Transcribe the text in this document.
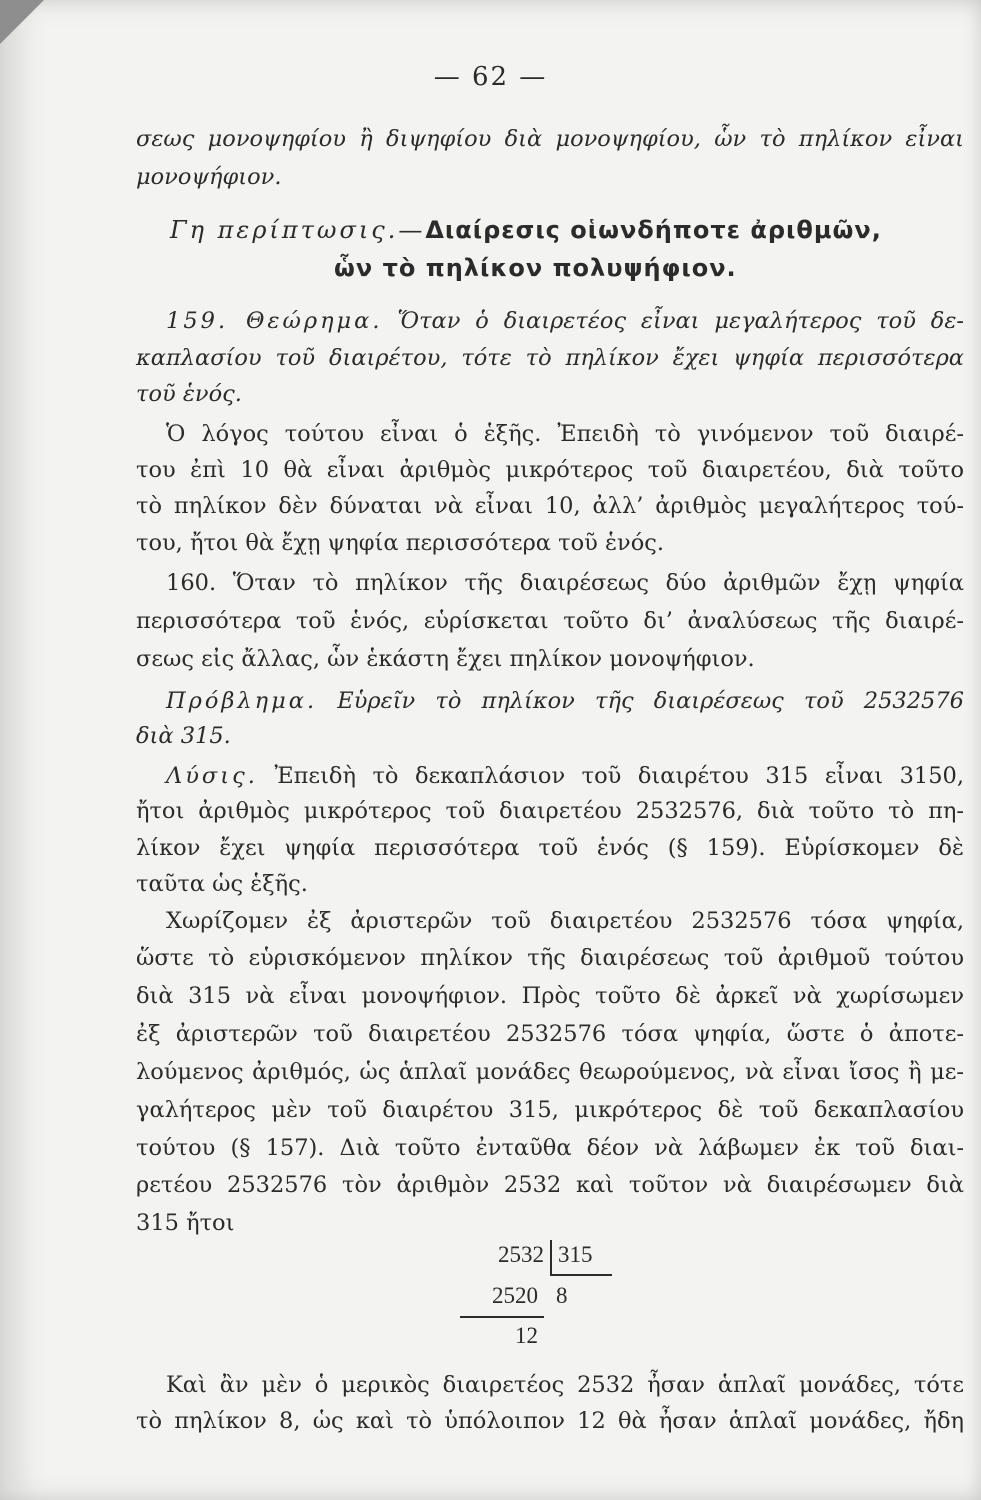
— 62 —
σεως μονοψηφίου ἢ διψηφίου διὰ μονοψηφίου, ὧν τὸ πηλίκον εἶναι
μονοψήφιον.
Γη περίπτωσις.—Διαίρεσις οἱωνδήποτε ἀριθμῶν,
ὧν τὸ πηλίκον πολυψήφιον.
159. Θεώρημα. Ὅταν ὁ διαιρετέος εἶναι μεγαλήτερος τοῦ δε-
καπλασίου τοῦ διαιρέτου, τότε τὸ πηλίκον ἔχει ψηφία περισσότερα
τοῦ ἑνός.
Ὁ λόγος τούτου εἶναι ὁ ἑξῆς. Ἐπειδὴ τὸ γινόμενον τοῦ διαιρέ-
του ἐπὶ 10 θὰ εἶναι ἀριθμὸς μικρότερος τοῦ διαιρετέου, διὰ τοῦτο
τὸ πηλίκον δὲν δύναται νὰ εἶναι 10, ἀλλ’ ἀριθμὸς μεγαλήτερος τού-
του, ἤτοι θὰ ἔχῃ ψηφία περισσότερα τοῦ ἑνός.
160. Ὅταν τὸ πηλίκον τῆς διαιρέσεως δύο ἀριθμῶν ἔχῃ ψηφία
περισσότερα τοῦ ἑνός, εὑρίσκεται τοῦτο δι’ ἀναλύσεως τῆς διαιρέ-
σεως εἰς ἄλλας, ὧν ἑκάστη ἔχει πηλίκον μονοψήφιον.
Πρόβλημα. Εὑρεῖν τὸ πηλίκον τῆς διαιρέσεως τοῦ 2532576
διὰ 315.
Λύσις. Ἐπειδὴ τὸ δεκαπλάσιον τοῦ διαιρέτου 315 εἶναι 3150,
ἤτοι ἀριθμὸς μικρότερος τοῦ διαιρετέου 2532576, διὰ τοῦτο τὸ πη-
λίκον ἔχει ψηφία περισσότερα τοῦ ἑνός (§ 159). Εὑρίσκομεν δὲ
ταῦτα ὡς ἑξῆς.
Χωρίζομεν ἐξ ἀριστερῶν τοῦ διαιρετέου 2532576 τόσα ψηφία,
ὥστε τὸ εὑρισκόμενον πηλίκον τῆς διαιρέσεως τοῦ ἀριθμοῦ τούτου
διὰ 315 νὰ εἶναι μονοψήφιον. Πρὸς τοῦτο δὲ ἀρκεῖ νὰ χωρίσωμεν
ἐξ ἀριστερῶν τοῦ διαιρετέου 2532576 τόσα ψηφία, ὥστε ὁ ἀποτε-
λούμενος ἀριθμός, ὡς ἁπλαῖ μονάδες θεωρούμενος, νὰ εἶναι ἴσος ἢ με-
γαλήτερος μὲν τοῦ διαιρέτου 315, μικρότερος δὲ τοῦ δεκαπλασίου
τούτου (§ 157). Διὰ τοῦτο ἐνταῦθα δέον νὰ λάβωμεν ἐκ τοῦ διαι-
ρετέου 2532576 τὸν ἀριθμὸν 2532 καὶ τοῦτον νὰ διαιρέσωμεν διὰ
315 ἤτοι
2532 315
2520 8
12
Καὶ ἂν μὲν ὁ μερικὸς διαιρετέος 2532 ἦσαν ἁπλαῖ μονάδες, τότε
τὸ πηλίκον 8, ὡς καὶ τὸ ὑπόλοιπον 12 θὰ ἦσαν ἁπλαῖ μονάδες, ἤδη
